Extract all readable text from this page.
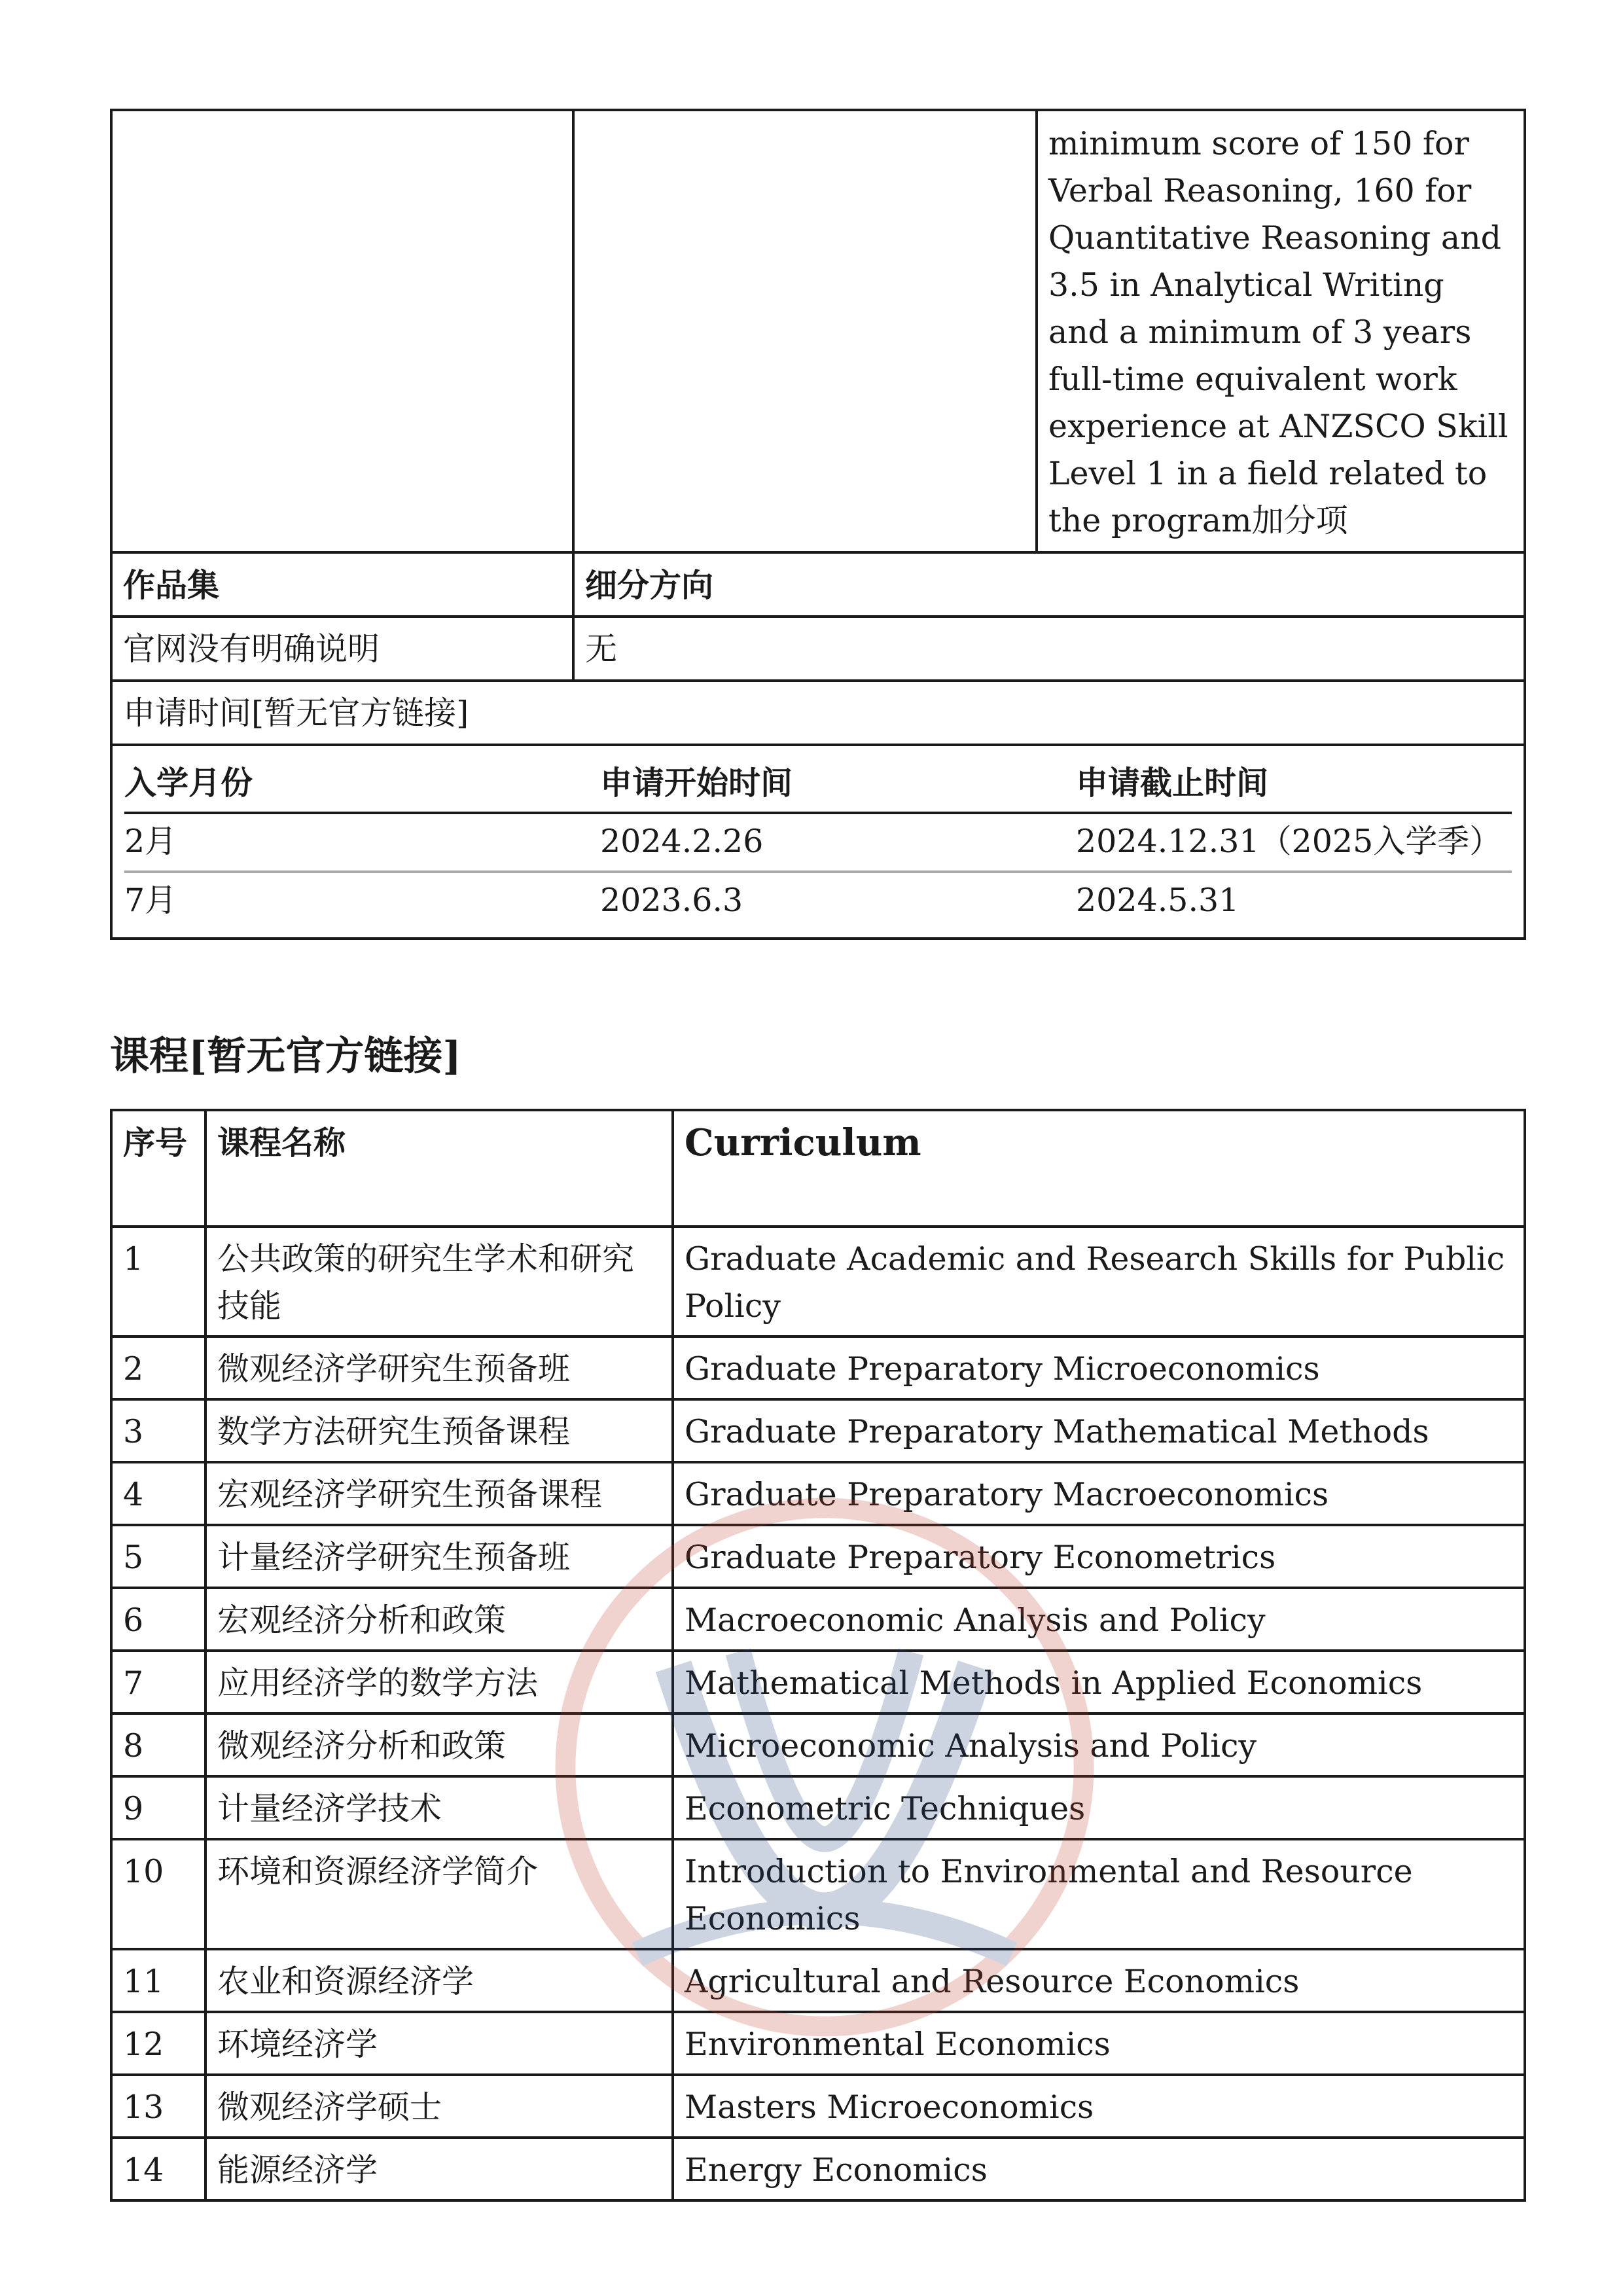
		minimum score of 150 for Verbal Reasoning, 160 for Quantitative Reasoning and 3.5 in Analytical Writing and a minimum of 3 years full-time equivalent work experience at ANZSCO Skill Level 1 in a field related to the program加分项
作品集	细分方向
官网没有明确说明	无
申请时间[暂无官方链接]

入学月份	申请开始时间	申请截止时间
2月	2024.2.26	2024.12.31（2025入学季）
7月	2023.6.3	2024.5.31
课程[暂无官方链接]
序号	课程名称	Curriculum
1	公共政策的研究生学术和研究技能	Graduate Academic and Research Skills for Public Policy
2	微观经济学研究生预备班	Graduate Preparatory Microeconomics
3	数学方法研究生预备课程	Graduate Preparatory Mathematical Methods
4	宏观经济学研究生预备课程	Graduate Preparatory Macroeconomics
5	计量经济学研究生预备班	Graduate Preparatory Econometrics
6	宏观经济分析和政策	Macroeconomic Analysis and Policy
7	应用经济学的数学方法	Mathematical Methods in Applied Economics
8	微观经济分析和政策	Microeconomic Analysis and Policy
9	计量经济学技术	Econometric Techniques
10	环境和资源经济学简介	Introduction to Environmental and Resource Economics
11	农业和资源经济学	Agricultural and Resource Economics
12	环境经济学	Environmental Economics
13	微观经济学硕士	Masters Microeconomics
14	能源经济学	Energy Economics
